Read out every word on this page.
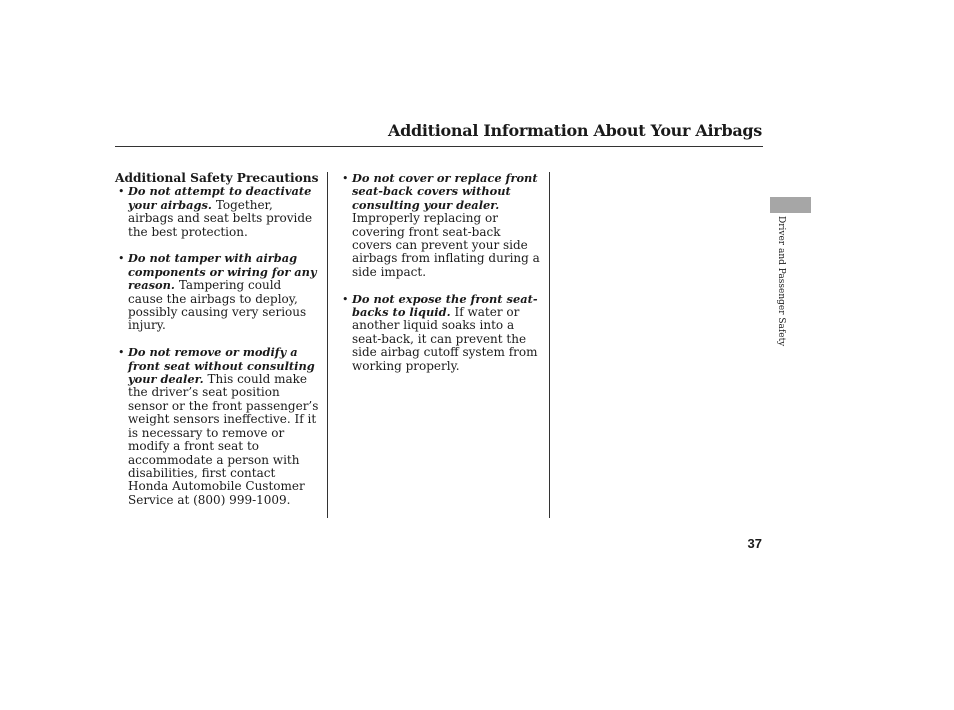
Additional Information About Your Airbags

Additional Safety Precautions

• Do not attempt to deactivate your airbags. Together, airbags and seat belts provide the best protection.
• Do not tamper with airbag components or wiring for any reason. Tampering could cause the airbags to deploy, possibly causing very serious injury.
• Do not remove or modify a front seat without consulting your dealer. This could make the driver’s seat position sensor or the front passenger’s weight sensors ineffective. If it is necessary to remove or modify a front seat to accommodate a person with disabilities, first contact Honda Automobile Customer Service at (800) 999-1009.
• Do not cover or replace front seat-back covers without consulting your dealer. Improperly replacing or covering front seat-back covers can prevent your side airbags from inflating during a side impact.
• Do not expose the front seat-backs to liquid. If water or another liquid soaks into a seat-back, it can prevent the side airbag cutoff system from working properly.
Driver and Passenger Safety
37
